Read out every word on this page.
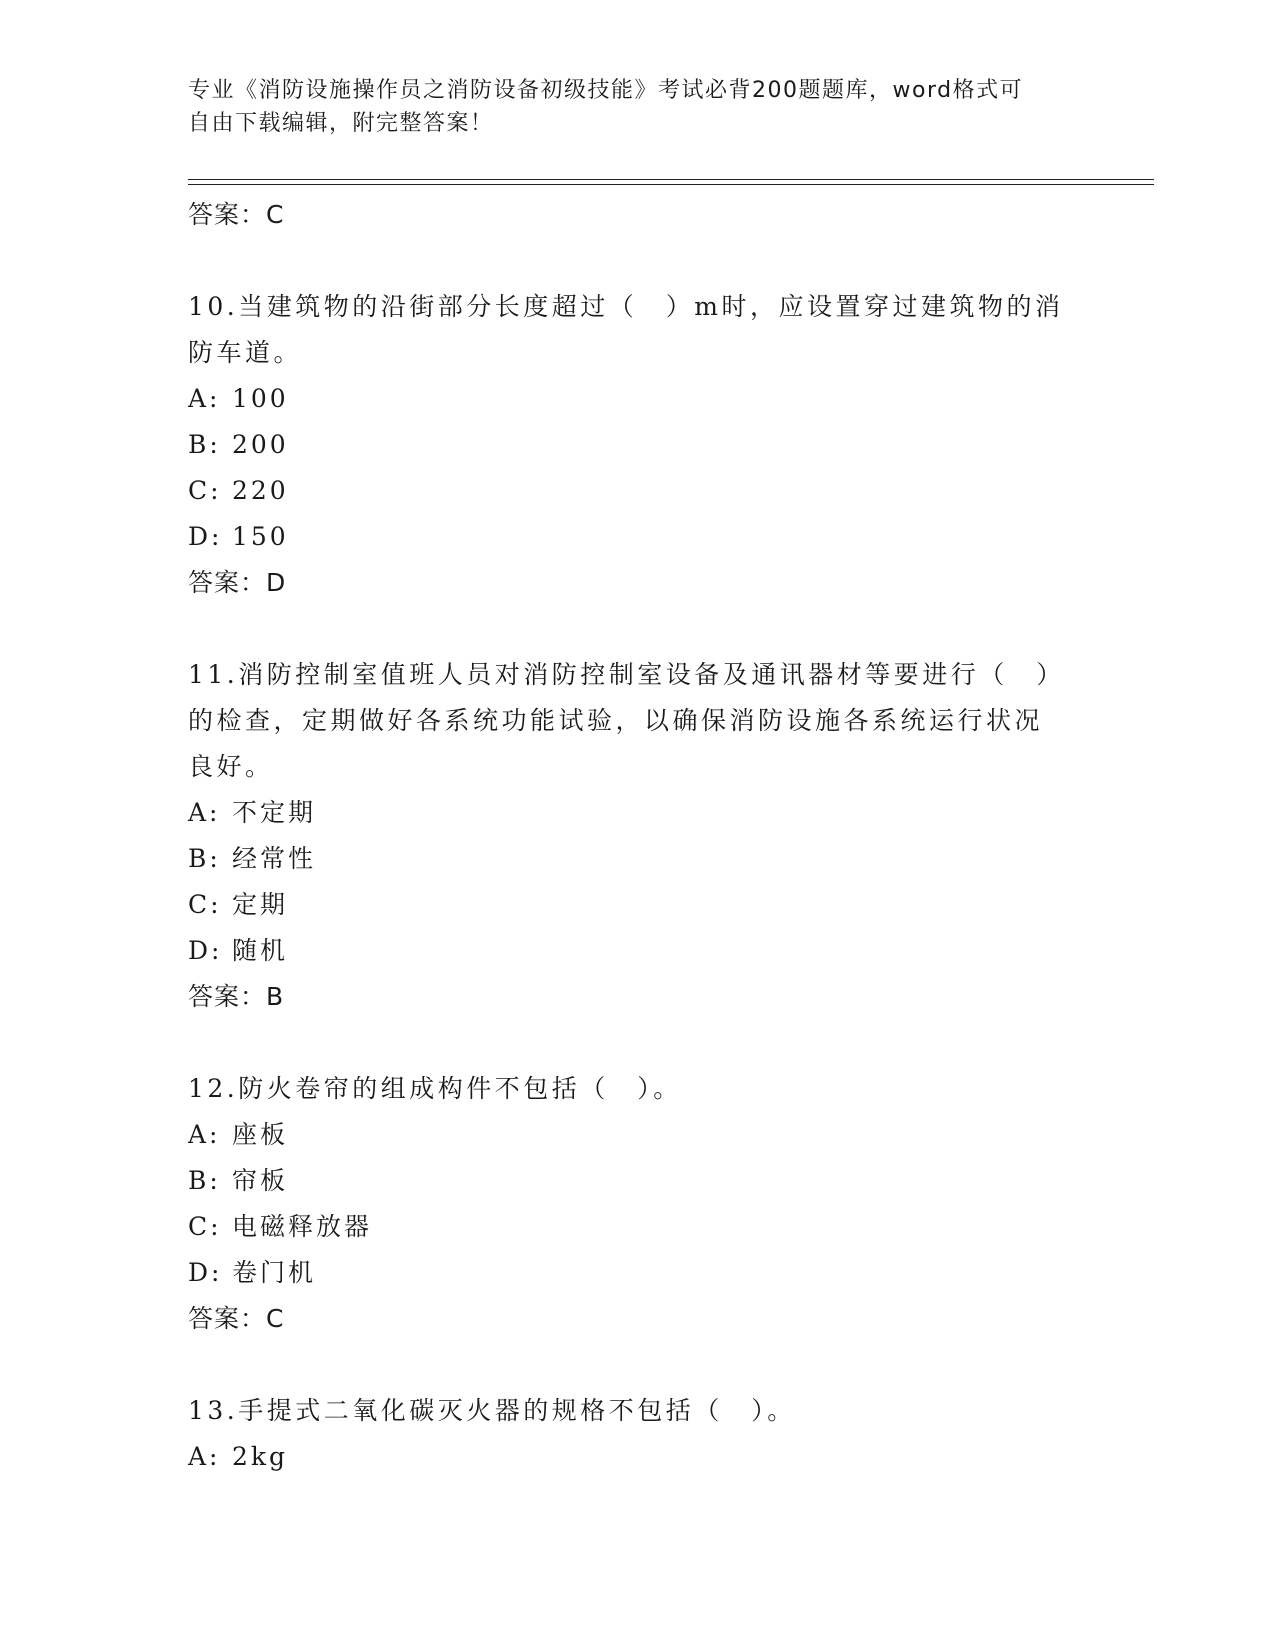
专业《消防设施操作员之消防设备初级技能》考试必背200题题库，word格式可
自由下载编辑，附完整答案！
答案：C
10.当建筑物的沿街部分长度超过（　）m时，应设置穿过建筑物的消
防车道。
A: 100
B: 200
C: 220
D: 150
答案：D
11.消防控制室值班人员对消防控制室设备及通讯器材等要进行（　）
的检查，定期做好各系统功能试验，以确保消防设施各系统运行状况
良好。
A: 不定期
B: 经常性
C: 定期
D: 随机
答案：B
12.防火卷帘的组成构件不包括（　）。
A: 座板
B: 帘板
C: 电磁释放器
D: 卷门机
答案：C
13.手提式二氧化碳灭火器的规格不包括（　）。
A: 2kg
